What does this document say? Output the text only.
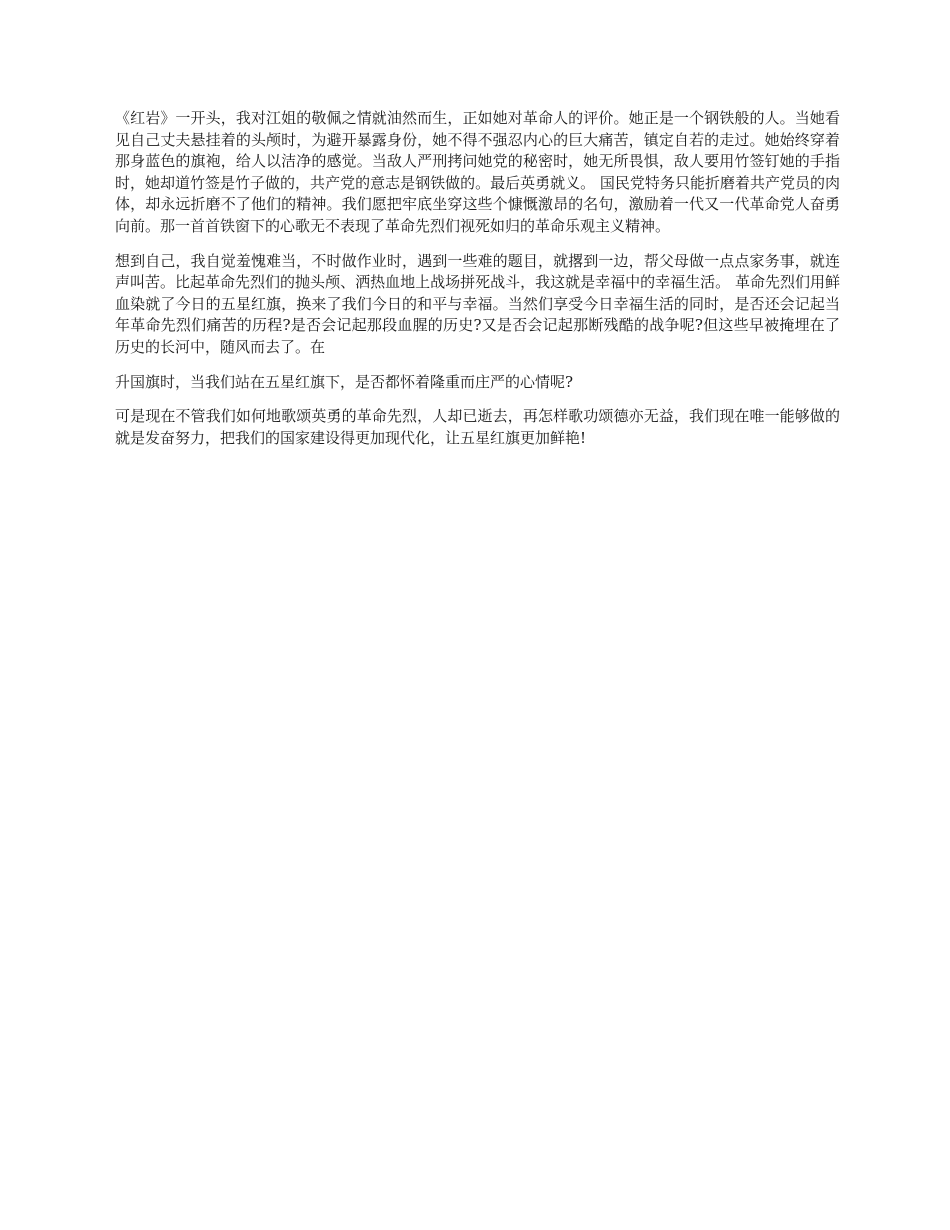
《红岩》一开头，我对江姐的敬佩之情就油然而生，正如她对革命人的评价。她正是一个钢铁般的人。当她看见自己丈夫悬挂着的头颅时，为避开暴露身份，她不得不强忍内心的巨大痛苦，镇定自若的走过。她始终穿着那身蓝色的旗袍，给人以洁净的感觉。当敌人严刑拷问她党的秘密时，她无所畏惧，敌人要用竹签钉她的手指时，她却道竹签是竹子做的，共产党的意志是钢铁做的。最后英勇就义。 国民党特务只能折磨着共产党员的肉体，却永远折磨不了他们的精神。我们愿把牢底坐穿这些个慷慨激昂的名句，激励着一代又一代革命党人奋勇向前。那一首首铁窗下的心歌无不表现了革命先烈们视死如归的革命乐观主义精神。

想到自己，我自觉羞愧难当，不时做作业时，遇到一些难的题目，就撂到一边，帮父母做一点点家务事，就连声叫苦。比起革命先烈们的抛头颅、洒热血地上战场拼死战斗，我这就是幸福中的幸福生活。 革命先烈们用鲜血染就了今日的五星红旗，换来了我们今日的和平与幸福。当然们享受今日幸福生活的同时，是否还会记起当年革命先烈们痛苦的历程?是否会记起那段血腥的历史?又是否会记起那断残酷的战争呢?但这些早被掩埋在了历史的长河中，随风而去了。在

升国旗时，当我们站在五星红旗下，是否都怀着隆重而庄严的心情呢?

可是现在不管我们如何地歌颂英勇的革命先烈，人却已逝去，再怎样歌功颂德亦无益，我们现在唯一能够做的就是发奋努力，把我们的国家建设得更加现代化，让五星红旗更加鲜艳!
